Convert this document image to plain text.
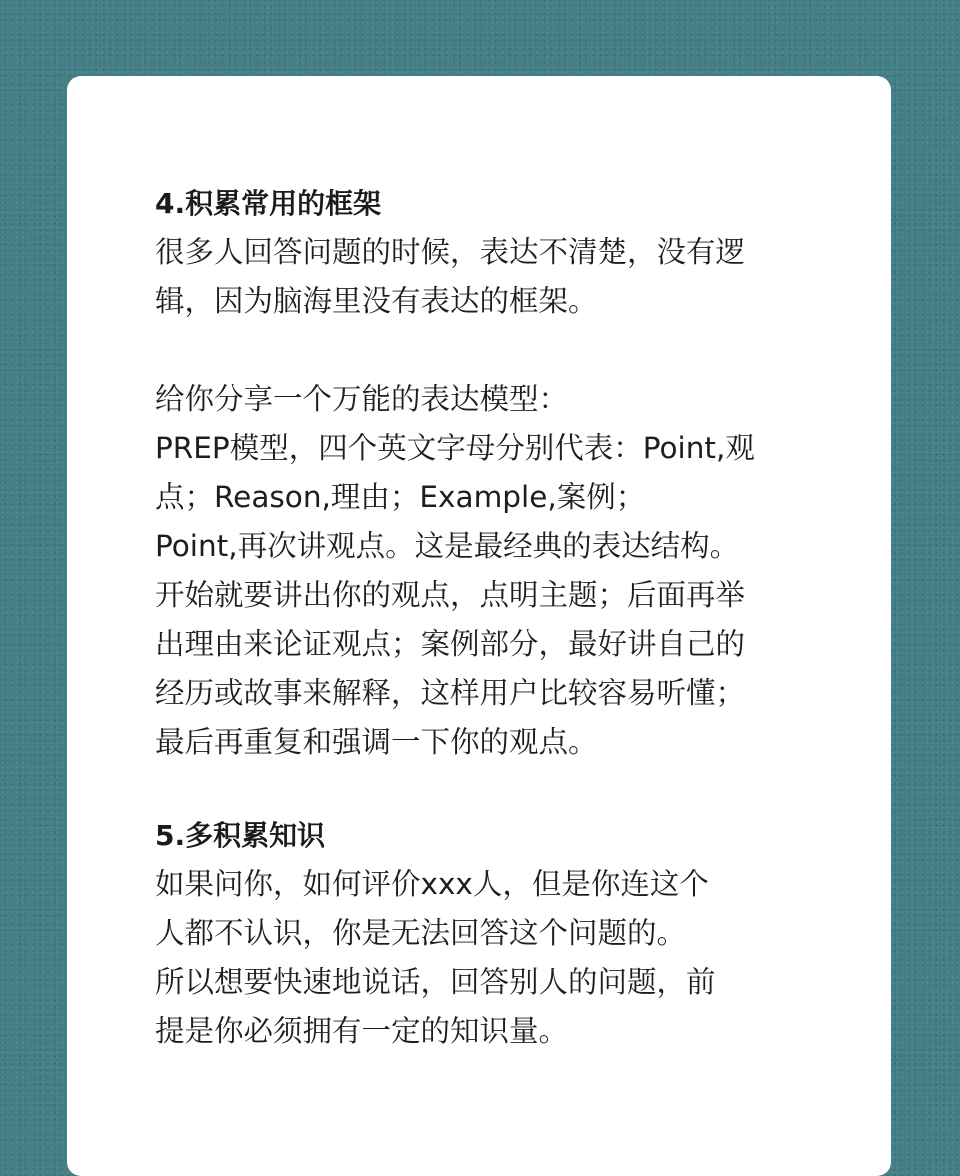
4.积累常用的框架
很多人回答问题的时候，表达不清楚，没有逻
辑，因为脑海里没有表达的框架。
给你分享一个万能的表达模型：
PREP模型，四个英文字母分别代表：Point,观
点；Reason,理由；Example,案例；
Point,再次讲观点。这是最经典的表达结构。
开始就要讲出你的观点，点明主题；后面再举
出理由来论证观点；案例部分，最好讲自己的
经历或故事来解释，这样用户比较容易听懂；
最后再重复和强调一下你的观点。
5.多积累知识
如果问你，如何评价xxx人，但是你连这个
人都不认识，你是无法回答这个问题的。
所以想要快速地说话，回答别人的问题，前
提是你必须拥有一定的知识量。
